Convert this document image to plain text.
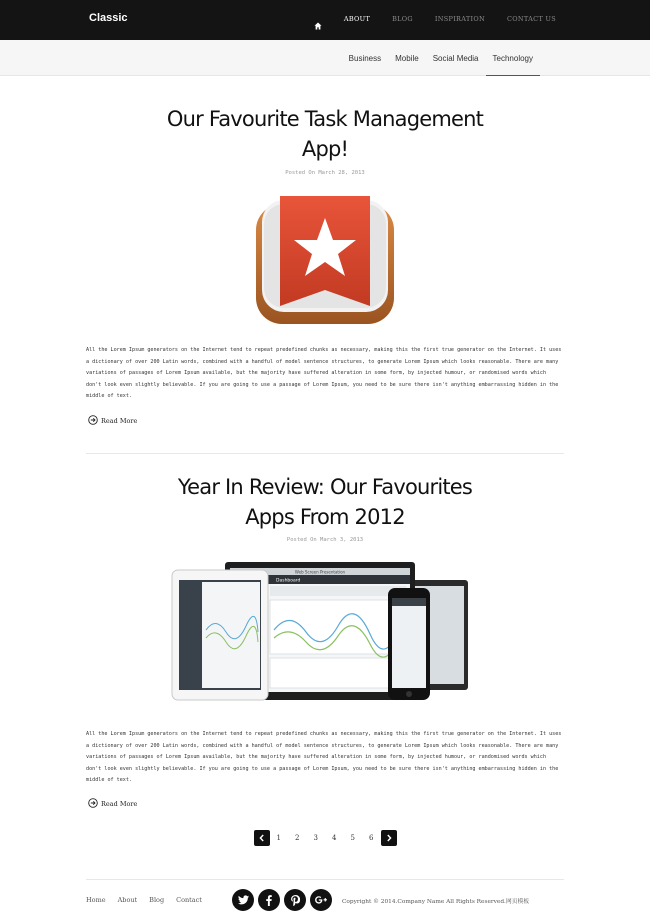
Classic	ABOUT	BLOG	INSPIRATION	CONTACT US
Business	Mobile	Social Media	Technology
Our Favourite Task Management
App!
Posted On March 28, 2013
All the Lorem Ipsum generators on the Internet tend to repeat predefined chunks as necessary, making this the first true generator on the Internet. It uses a dictionary of over 200 Latin words, combined with a handful of model sentence structures, to generate Lorem Ipsum which looks reasonable. There are many variations of passages of Lorem Ipsum available, but the majority have suffered alteration in some form, by injected humour, or randomised words which don't look even slightly believable. If you are going to use a passage of Lorem Ipsum, you need to be sure there isn't anything embarrassing hidden in the middle of text.
Read More
Year In Review: Our Favourites
Apps From 2012
Posted On March 3, 2013
Web Screen Presentation
Dashboard
All the Lorem Ipsum generators on the Internet tend to repeat predefined chunks as necessary, making this the first true generator on the Internet. It uses a dictionary of over 200 Latin words, combined with a handful of model sentence structures, to generate Lorem Ipsum which looks reasonable. There are many variations of passages of Lorem Ipsum available, but the majority have suffered alteration in some form, by injected humour, or randomised words which don't look even slightly believable. If you are going to use a passage of Lorem Ipsum, you need to be sure there isn't anything embarrassing hidden in the middle of text.
Read More
1	2	3	4	5	6
Home About Blog Contact	Copyright © 2014.Company Name All Rights Reserved.网页模板
